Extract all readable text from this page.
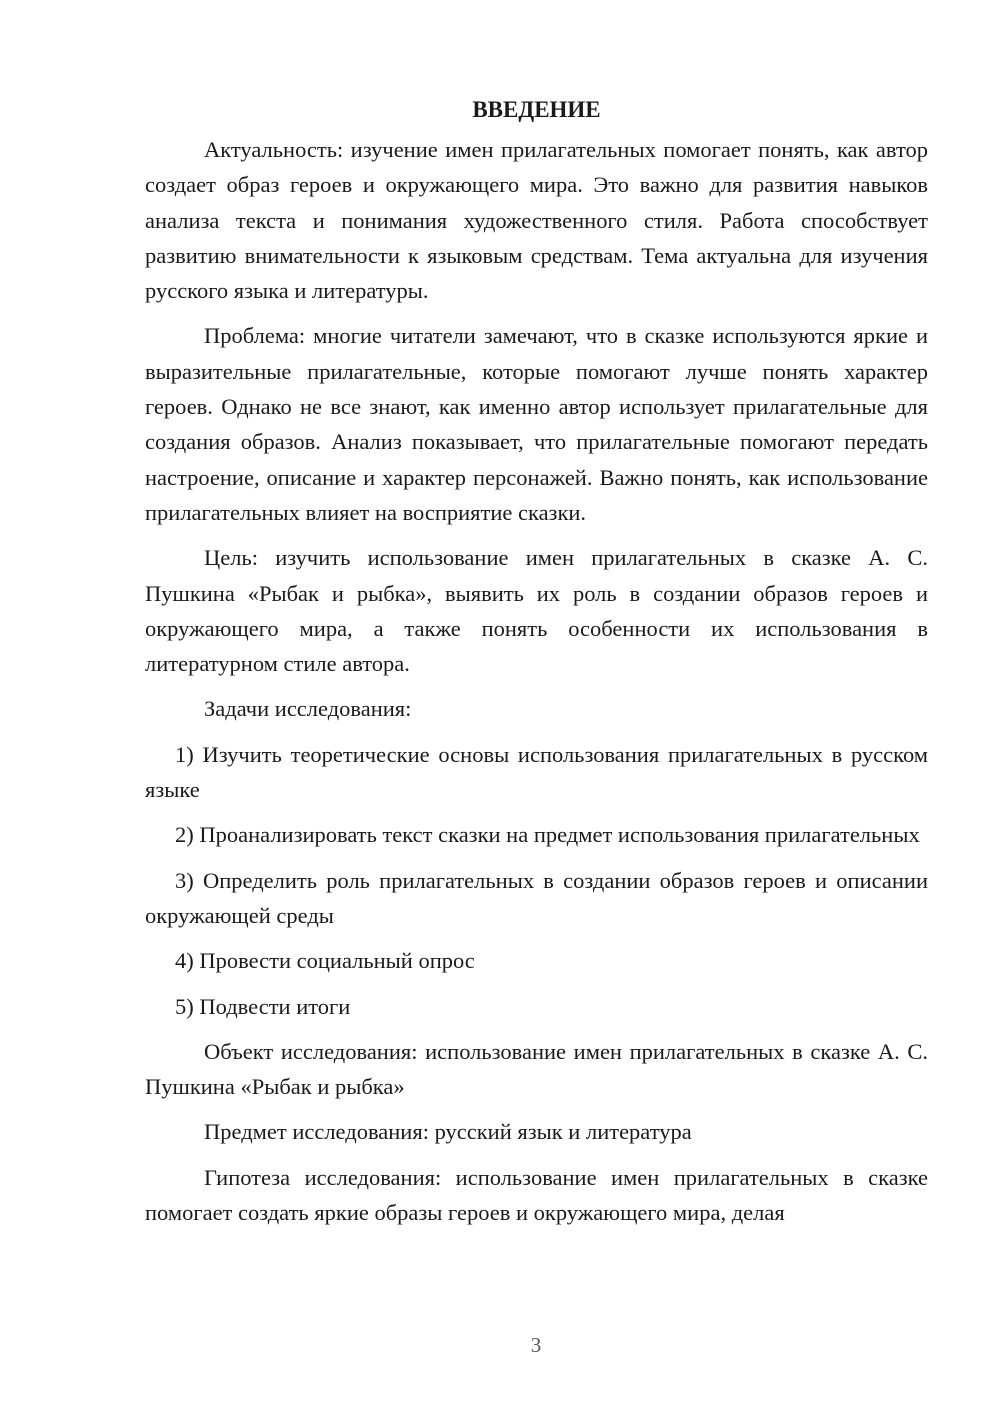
ВВЕДЕНИЕ

Актуальность: изучение имен прилагательных помогает понять, как автор создает образ героев и окружающего мира. Это важно для развития навыков анализа текста и понимания художественного стиля. Работа способствует развитию внимательности к языковым средствам. Тема актуальна для изучения русского языка и литературы.

Проблема: многие читатели замечают, что в сказке используются яркие и выразительные прилагательные, которые помогают лучше понять характер героев. Однако не все знают, как именно автор использует прилагательные для создания образов. Анализ показывает, что прилагательные помогают передать настроение, описание и характер персонажей. Важно понять, как использование прилагательных влияет на восприятие сказки.

Цель: изучить использование имен прилагательных в сказке А. С. Пушкина «Рыбак и рыбка», выявить их роль в создании образов героев и окружающего мира, а также понять особенности их использования в литературном стиле автора.

Задачи исследования:

1) Изучить теоретические основы использования прилагательных в русском языке

2) Проанализировать текст сказки на предмет использования прилагательных

3) Определить роль прилагательных в создании образов героев и описании окружающей среды

4) Провести социальный опрос

5) Подвести итоги

Объект исследования: использование имен прилагательных в сказке А. С. Пушкина «Рыбак и рыбка»

Предмет исследования: русский язык и литература

Гипотеза исследования: использование имен прилагательных в сказке помогает создать яркие образы героев и окружающего мира, делая

3
